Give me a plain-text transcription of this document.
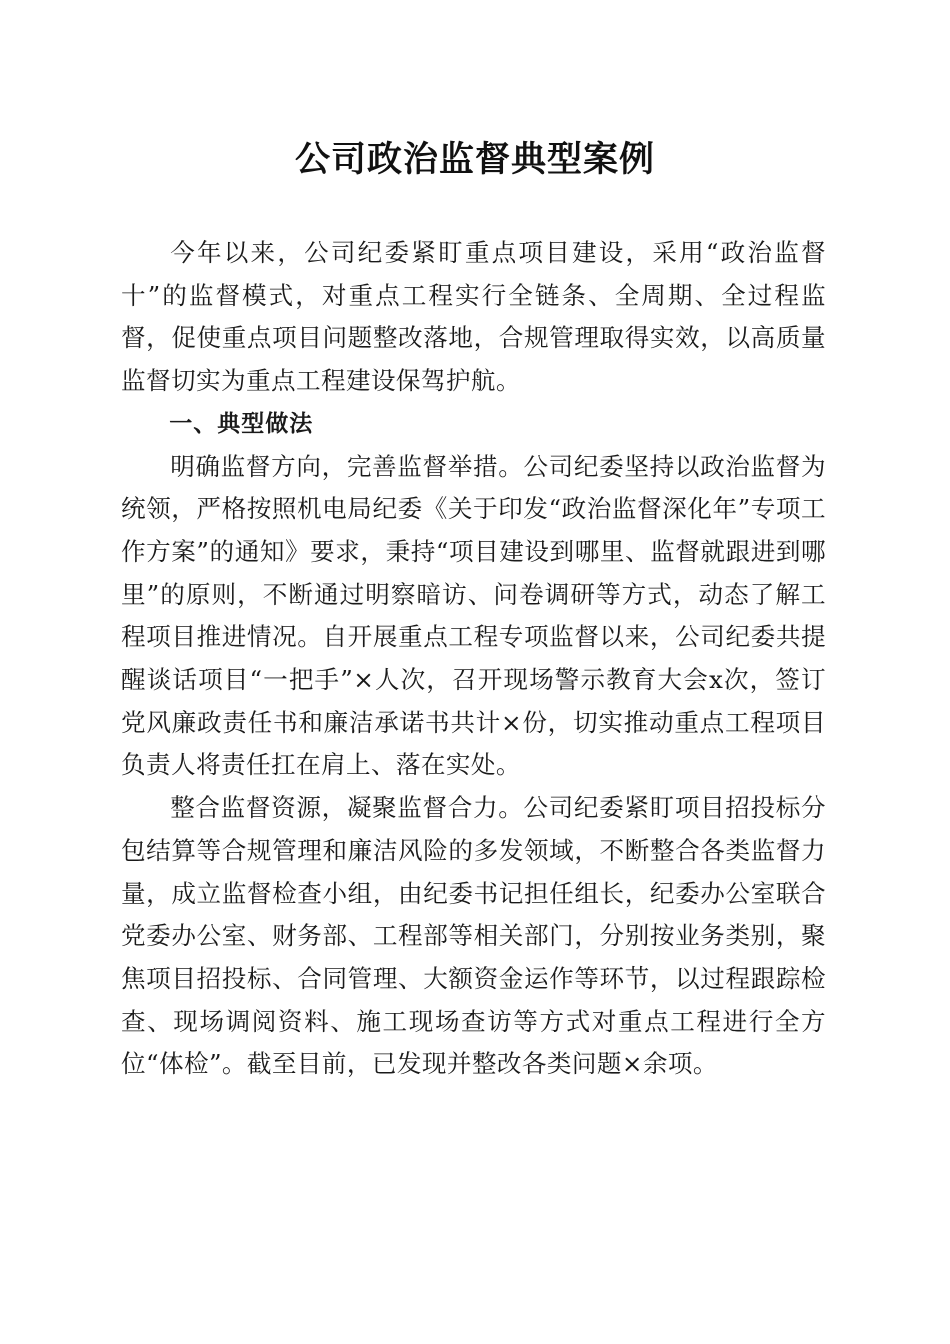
公司政治监督典型案例

今年以来，公司纪委紧盯重点项目建设，采用“政治监督十”的监督模式，对重点工程实行全链条、全周期、全过程监督，促使重点项目问题整改落地，合规管理取得实效，以高质量监督切实为重点工程建设保驾护航。

一、典型做法

明确监督方向，完善监督举措。公司纪委坚持以政治监督为统领，严格按照机电局纪委《关于印发“政治监督深化年”专项工作方案”的通知》要求，秉持“项目建设到哪里、监督就跟进到哪里”的原则，不断通过明察暗访、问卷调研等方式，动态了解工程项目推进情况。自开展重点工程专项监督以来，公司纪委共提醒谈话项目“一把手”×人次，召开现场警示教育大会x次，签订党风廉政责任书和廉洁承诺书共计×份，切实推动重点工程项目负责人将责任扛在肩上、落在实处。

整合监督资源，凝聚监督合力。公司纪委紧盯项目招投标分包结算等合规管理和廉洁风险的多发领域，不断整合各类监督力量，成立监督检查小组，由纪委书记担任组长，纪委办公室联合党委办公室、财务部、工程部等相关部门，分别按业务类别，聚焦项目招投标、合同管理、大额资金运作等环节，以过程跟踪检查、现场调阅资料、施工现场查访等方式对重点工程进行全方位“体检”。截至目前，已发现并整改各类问题×余项。
